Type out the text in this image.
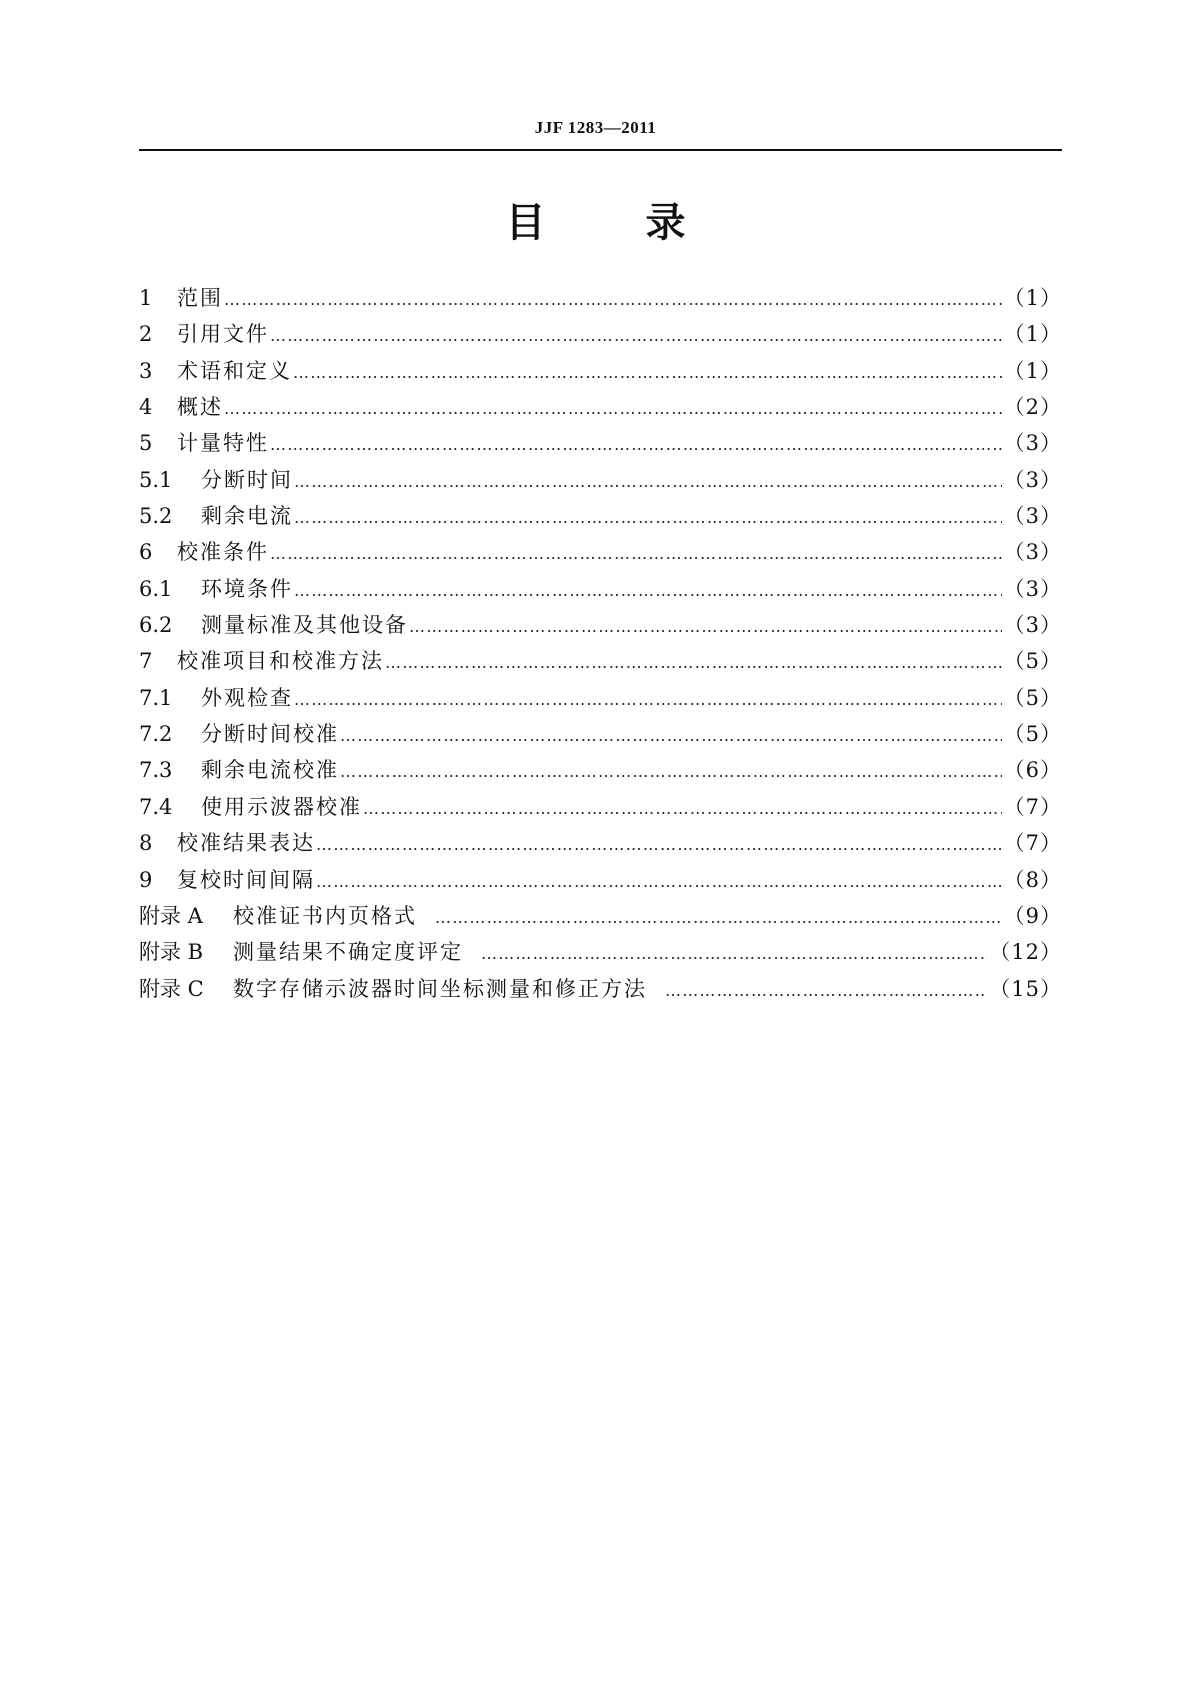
JJF 1283—2011
目	录
1	范围 ……………………………………………………………………………………………………………………………………………………………………………………………………………………	（1）
2	引用文件 ……………………………………………………………………………………………………………………………………………………………………………………………………………………	（1）
3	术语和定义 ……………………………………………………………………………………………………………………………………………………………………………………………………………………	（1）
4	概述 ……………………………………………………………………………………………………………………………………………………………………………………………………………………	（2）
5	计量特性 ……………………………………………………………………………………………………………………………………………………………………………………………………………………	（3）
5.1	分断时间 ……………………………………………………………………………………………………………………………………………………………………………………………………………………	（3）
5.2	剩余电流 ……………………………………………………………………………………………………………………………………………………………………………………………………………………	（3）
6	校准条件 ……………………………………………………………………………………………………………………………………………………………………………………………………………………	（3）
6.1	环境条件 ……………………………………………………………………………………………………………………………………………………………………………………………………………………	（3）
6.2	测量标准及其他设备 ……………………………………………………………………………………………………………………………………………………………………………………………………………………	（3）
7	校准项目和校准方法 ……………………………………………………………………………………………………………………………………………………………………………………………………………………	（5）
7.1	外观检查 ……………………………………………………………………………………………………………………………………………………………………………………………………………………	（5）
7.2	分断时间校准 ……………………………………………………………………………………………………………………………………………………………………………………………………………………	（5）
7.3	剩余电流校准 ……………………………………………………………………………………………………………………………………………………………………………………………………………………	（6）
7.4	使用示波器校准 ……………………………………………………………………………………………………………………………………………………………………………………………………………………	（7）
8	校准结果表达 ……………………………………………………………………………………………………………………………………………………………………………………………………………………	（7）
9	复校时间间隔 ……………………………………………………………………………………………………………………………………………………………………………………………………………………	（8）
附录 A	校准证书内页格式 ……………………………………………………………………………………………………………………………………………………………………………………………………………………	（9）
附录 B	测量结果不确定度评定 ……………………………………………………………………………………………………………………………………………………………………………………………………………………	（12）
附录 C	数字存储示波器时间坐标测量和修正方法 ……………………………………………………………………………………………………………………………………………………………………………………………………………………	（15）
